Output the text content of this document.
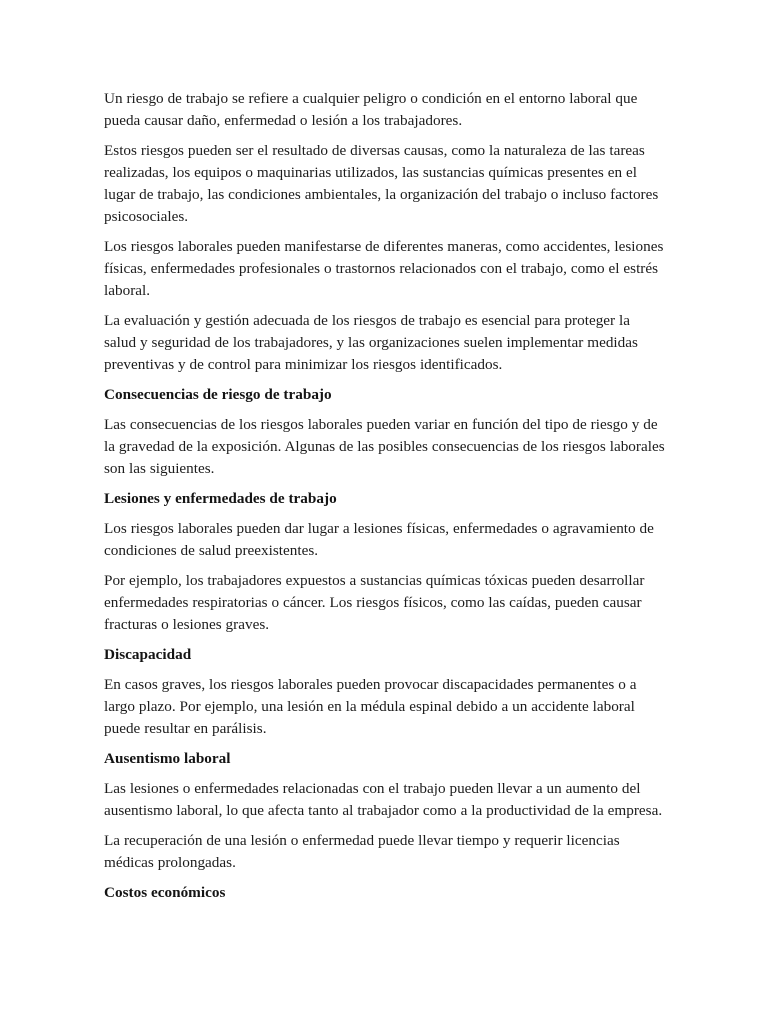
Un riesgo de trabajo se refiere a cualquier peligro o condición en el entorno laboral que pueda causar daño, enfermedad o lesión a los trabajadores.

Estos riesgos pueden ser el resultado de diversas causas, como la naturaleza de las tareas realizadas, los equipos o maquinarias utilizados, las sustancias químicas presentes en el lugar de trabajo, las condiciones ambientales, la organización del trabajo o incluso factores psicosociales.

Los riesgos laborales pueden manifestarse de diferentes maneras, como accidentes, lesiones físicas, enfermedades profesionales o trastornos relacionados con el trabajo, como el estrés laboral.

La evaluación y gestión adecuada de los riesgos de trabajo es esencial para proteger la salud y seguridad de los trabajadores, y las organizaciones suelen implementar medidas preventivas y de control para minimizar los riesgos identificados.

Consecuencias de riesgo de trabajo

Las consecuencias de los riesgos laborales pueden variar en función del tipo de riesgo y de la gravedad de la exposición. Algunas de las posibles consecuencias de los riesgos laborales son las siguientes.

Lesiones y enfermedades de trabajo

Los riesgos laborales pueden dar lugar a lesiones físicas, enfermedades o agravamiento de condiciones de salud preexistentes.

Por ejemplo, los trabajadores expuestos a sustancias químicas tóxicas pueden desarrollar enfermedades respiratorias o cáncer. Los riesgos físicos, como las caídas, pueden causar fracturas o lesiones graves.

Discapacidad

En casos graves, los riesgos laborales pueden provocar discapacidades permanentes o a largo plazo. Por ejemplo, una lesión en la médula espinal debido a un accidente laboral puede resultar en parálisis.

Ausentismo laboral

Las lesiones o enfermedades relacionadas con el trabajo pueden llevar a un aumento del ausentismo laboral, lo que afecta tanto al trabajador como a la productividad de la empresa.

La recuperación de una lesión o enfermedad puede llevar tiempo y requerir licencias médicas prolongadas.

Costos económicos
